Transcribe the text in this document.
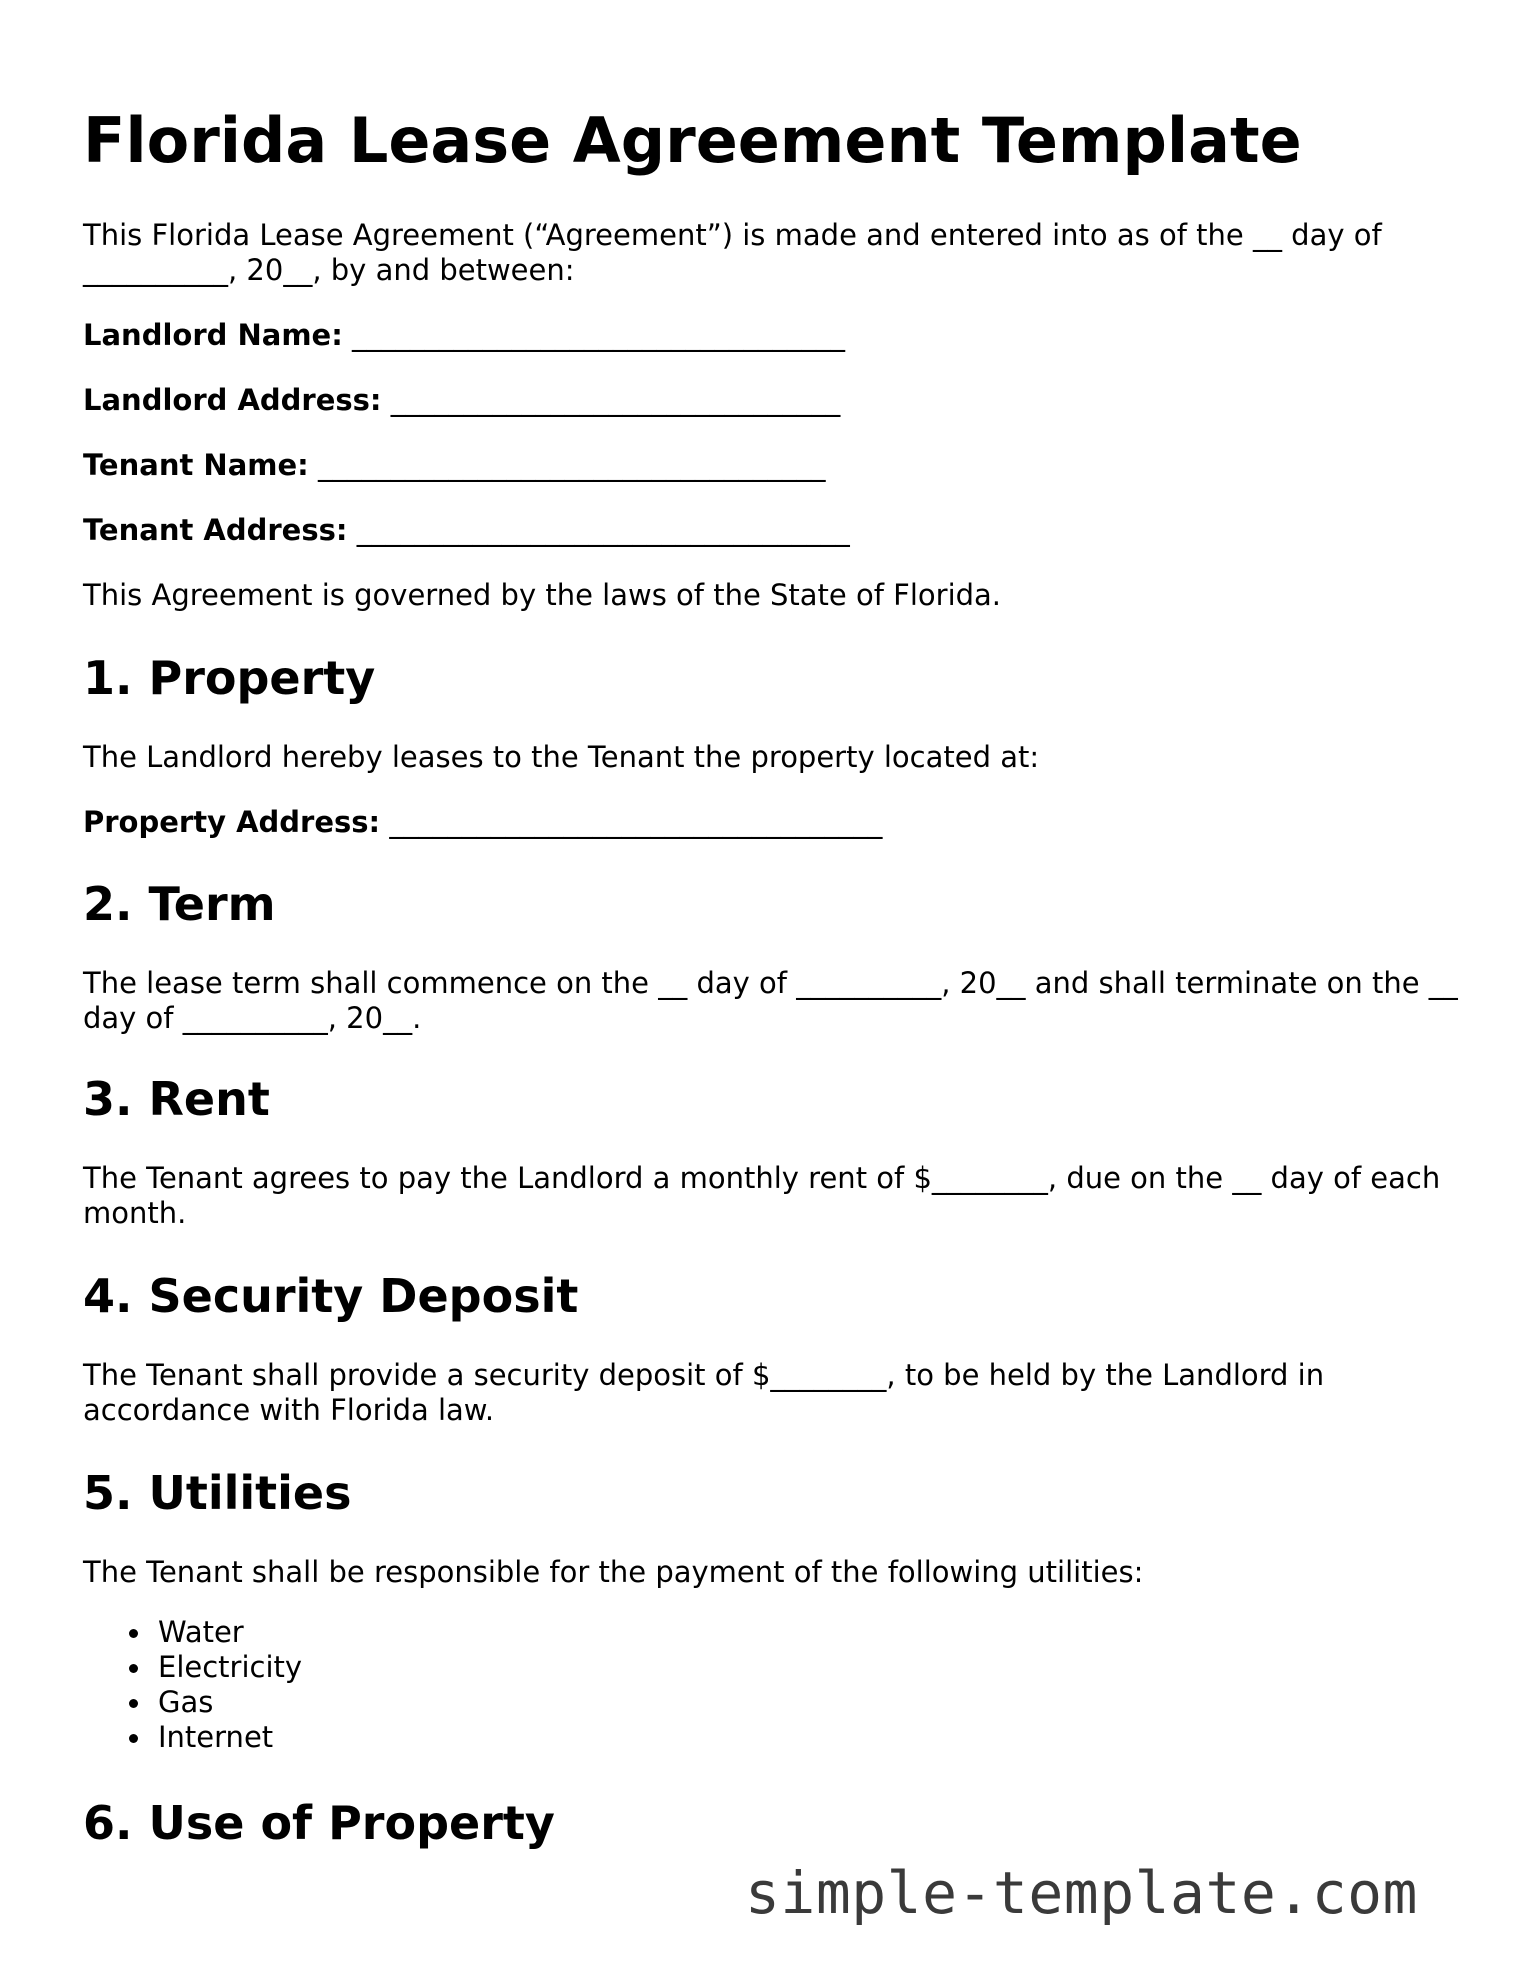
Florida Lease Agreement Template

This Florida Lease Agreement (“Agreement”) is made and entered into as of the __ day of __________, 20__, by and between:

Landlord Name: __________________________________

Landlord Address: _______________________________

Tenant Name: ___________________________________

Tenant Address: __________________________________

This Agreement is governed by the laws of the State of Florida.

1. Property

The Landlord hereby leases to the Tenant the property located at:

Property Address: __________________________________

2. Term

The lease term shall commence on the __ day of __________, 20__ and shall terminate on the __ day of __________, 20__.

3. Rent

The Tenant agrees to pay the Landlord a monthly rent of $________, due on the __ day of each month.

4. Security Deposit

The Tenant shall provide a security deposit of $________, to be held by the Landlord in accordance with Florida law.

5. Utilities

The Tenant shall be responsible for the payment of the following utilities:

Water
Electricity
Gas
Internet
6. Use of Property
simple-template.com
